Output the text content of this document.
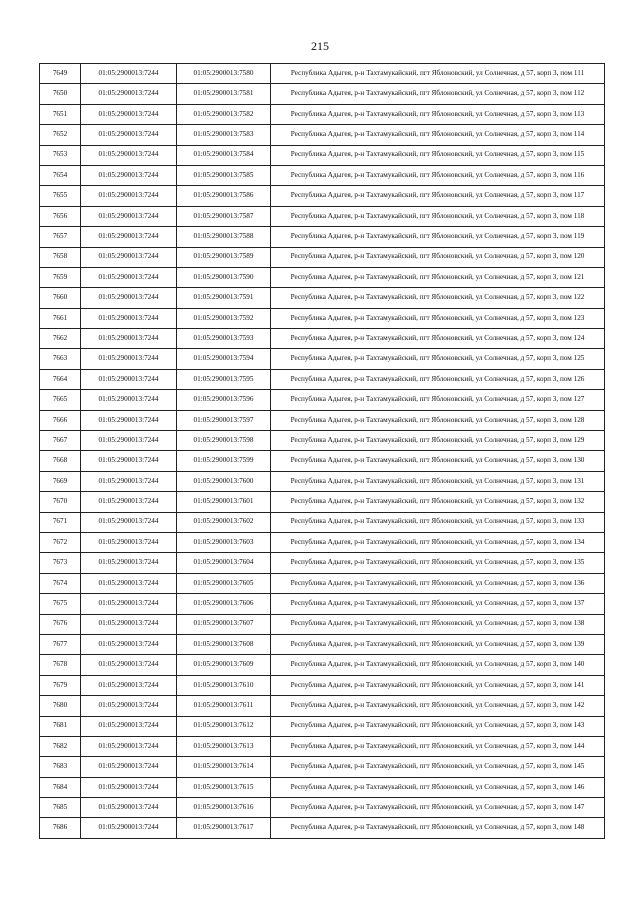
215
7649	01:05:2900013:7244	01:05:2900013:7580	Республика Адыгея, р-н Тахтамукайский, пгт Яблоновский, ул Солнечная, д 57, корп 3, пом 111
7650	01:05:2900013:7244	01:05:2900013:7581	Республика Адыгея, р-н Тахтамукайский, пгт Яблоновский, ул Солнечная, д 57, корп 3, пом 112
7651	01:05:2900013:7244	01:05:2900013:7582	Республика Адыгея, р-н Тахтамукайский, пгт Яблоновский, ул Солнечная, д 57, корп 3, пом 113
7652	01:05:2900013:7244	01:05:2900013:7583	Республика Адыгея, р-н Тахтамукайский, пгт Яблоновский, ул Солнечная, д 57, корп 3, пом 114
7653	01:05:2900013:7244	01:05:2900013:7584	Республика Адыгея, р-н Тахтамукайский, пгт Яблоновский, ул Солнечная, д 57, корп 3, пом 115
7654	01:05:2900013:7244	01:05:2900013:7585	Республика Адыгея, р-н Тахтамукайский, пгт Яблоновский, ул Солнечная, д 57, корп 3, пом 116
7655	01:05:2900013:7244	01:05:2900013:7586	Республика Адыгея, р-н Тахтамукайский, пгт Яблоновский, ул Солнечная, д 57, корп 3, пом 117
7656	01:05:2900013:7244	01:05:2900013:7587	Республика Адыгея, р-н Тахтамукайский, пгт Яблоновский, ул Солнечная, д 57, корп 3, пом 118
7657	01:05:2900013:7244	01:05:2900013:7588	Республика Адыгея, р-н Тахтамукайский, пгт Яблоновский, ул Солнечная, д 57, корп 3, пом 119
7658	01:05:2900013:7244	01:05:2900013:7589	Республика Адыгея, р-н Тахтамукайский, пгт Яблоновский, ул Солнечная, д 57, корп 3, пом 120
7659	01:05:2900013:7244	01:05:2900013:7590	Республика Адыгея, р-н Тахтамукайский, пгт Яблоновский, ул Солнечная, д 57, корп 3, пом 121
7660	01:05:2900013:7244	01:05:2900013:7591	Республика Адыгея, р-н Тахтамукайский, пгт Яблоновский, ул Солнечная, д 57, корп 3, пом 122
7661	01:05:2900013:7244	01:05:2900013:7592	Республика Адыгея, р-н Тахтамукайский, пгт Яблоновский, ул Солнечная, д 57, корп 3, пом 123
7662	01:05:2900013:7244	01:05:2900013:7593	Республика Адыгея, р-н Тахтамукайский, пгт Яблоновский, ул Солнечная, д 57, корп 3, пом 124
7663	01:05:2900013:7244	01:05:2900013:7594	Республика Адыгея, р-н Тахтамукайский, пгт Яблоновский, ул Солнечная, д 57, корп 3, пом 125
7664	01:05:2900013:7244	01:05:2900013:7595	Республика Адыгея, р-н Тахтамукайский, пгт Яблоновский, ул Солнечная, д 57, корп 3, пом 126
7665	01:05:2900013:7244	01:05:2900013:7596	Республика Адыгея, р-н Тахтамукайский, пгт Яблоновский, ул Солнечная, д 57, корп 3, пом 127
7666	01:05:2900013:7244	01:05:2900013:7597	Республика Адыгея, р-н Тахтамукайский, пгт Яблоновский, ул Солнечная, д 57, корп 3, пом 128
7667	01:05:2900013:7244	01:05:2900013:7598	Республика Адыгея, р-н Тахтамукайский, пгт Яблоновский, ул Солнечная, д 57, корп 3, пом 129
7668	01:05:2900013:7244	01:05:2900013:7599	Республика Адыгея, р-н Тахтамукайский, пгт Яблоновский, ул Солнечная, д 57, корп 3, пом 130
7669	01:05:2900013:7244	01:05:2900013:7600	Республика Адыгея, р-н Тахтамукайский, пгт Яблоновский, ул Солнечная, д 57, корп 3, пом 131
7670	01:05:2900013:7244	01:05:2900013:7601	Республика Адыгея, р-н Тахтамукайский, пгт Яблоновский, ул Солнечная, д 57, корп 3, пом 132
7671	01:05:2900013:7244	01:05:2900013:7602	Республика Адыгея, р-н Тахтамукайский, пгт Яблоновский, ул Солнечная, д 57, корп 3, пом 133
7672	01:05:2900013:7244	01:05:2900013:7603	Республика Адыгея, р-н Тахтамукайский, пгт Яблоновский, ул Солнечная, д 57, корп 3, пом 134
7673	01:05:2900013:7244	01:05:2900013:7604	Республика Адыгея, р-н Тахтамукайский, пгт Яблоновский, ул Солнечная, д 57, корп 3, пом 135
7674	01:05:2900013:7244	01:05:2900013:7605	Республика Адыгея, р-н Тахтамукайский, пгт Яблоновский, ул Солнечная, д 57, корп 3, пом 136
7675	01:05:2900013:7244	01:05:2900013:7606	Республика Адыгея, р-н Тахтамукайский, пгт Яблоновский, ул Солнечная, д 57, корп 3, пом 137
7676	01:05:2900013:7244	01:05:2900013:7607	Республика Адыгея, р-н Тахтамукайский, пгт Яблоновский, ул Солнечная, д 57, корп 3, пом 138
7677	01:05:2900013:7244	01:05:2900013:7608	Республика Адыгея, р-н Тахтамукайский, пгт Яблоновский, ул Солнечная, д 57, корп 3, пом 139
7678	01:05:2900013:7244	01:05:2900013:7609	Республика Адыгея, р-н Тахтамукайский, пгт Яблоновский, ул Солнечная, д 57, корп 3, пом 140
7679	01:05:2900013:7244	01:05:2900013:7610	Республика Адыгея, р-н Тахтамукайский, пгт Яблоновский, ул Солнечная, д 57, корп 3, пом 141
7680	01:05:2900013:7244	01:05:2900013:7611	Республика Адыгея, р-н Тахтамукайский, пгт Яблоновский, ул Солнечная, д 57, корп 3, пом 142
7681	01:05:2900013:7244	01:05:2900013:7612	Республика Адыгея, р-н Тахтамукайский, пгт Яблоновский, ул Солнечная, д 57, корп 3, пом 143
7682	01:05:2900013:7244	01:05:2900013:7613	Республика Адыгея, р-н Тахтамукайский, пгт Яблоновский, ул Солнечная, д 57, корп 3, пом 144
7683	01:05:2900013:7244	01:05:2900013:7614	Республика Адыгея, р-н Тахтамукайский, пгт Яблоновский, ул Солнечная, д 57, корп 3, пом 145
7684	01:05:2900013:7244	01:05:2900013:7615	Республика Адыгея, р-н Тахтамукайский, пгт Яблоновский, ул Солнечная, д 57, корп 3, пом 146
7685	01:05:2900013:7244	01:05:2900013:7616	Республика Адыгея, р-н Тахтамукайский, пгт Яблоновский, ул Солнечная, д 57, корп 3, пом 147
7686	01:05:2900013:7244	01:05:2900013:7617	Республика Адыгея, р-н Тахтамукайский, пгт Яблоновский, ул Солнечная, д 57, корп 3, пом 148
